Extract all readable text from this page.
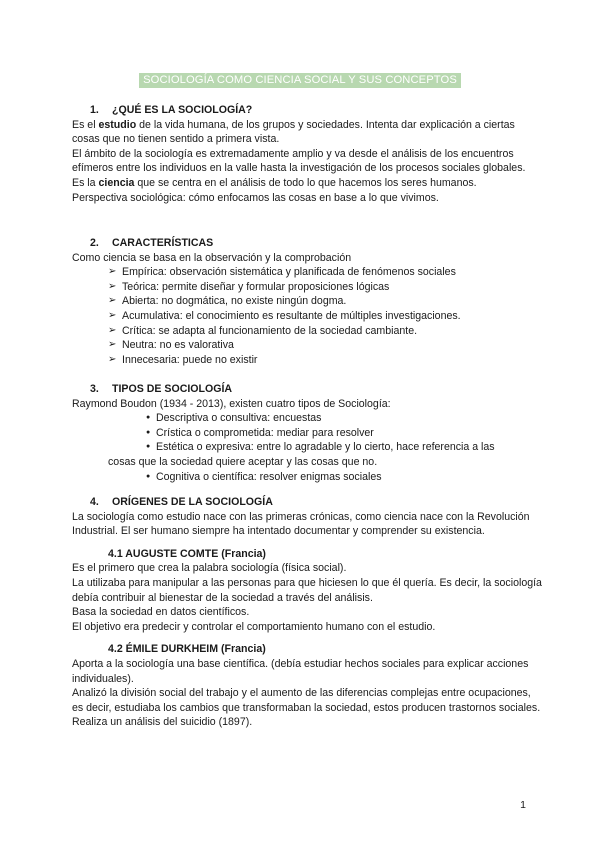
SOCIOLOGÍA COMO CIENCIA SOCIAL Y SUS CONCEPTOS

1. ¿QUÉ ES LA SOCIOLOGÍA?

Es el estudio de la vida humana, de los grupos y sociedades. Intenta dar explicación a ciertas cosas que no tienen sentido a primera vista.

El ámbito de la sociología es extremadamente amplio y va desde el análisis de los encuentros efímeros entre los individuos en la valle hasta la investigación de los procesos sociales globales.

Es la ciencia que se centra en el análisis de todo lo que hacemos los seres humanos.

Perspectiva sociológica: cómo enfocamos las cosas en base a lo que vivimos.

2. CARACTERÍSTICAS

Como ciencia se basa en la observación y la comprobación

➢ Empírica: observación sistemática y planificada de fenómenos sociales
➢ Teórica: permite diseñar y formular proposiciones lógicas
➢ Abierta: no dogmática, no existe ningún dogma.
➢ Acumulativa: el conocimiento es resultante de múltiples investigaciones.
➢ Crítica: se adapta al funcionamiento de la sociedad cambiante.
➢ Neutra: no es valorativa
➢ Innecesaria: puede no existir

3. TIPOS DE SOCIOLOGÍA

Raymond Boudon (1934 - 2013), existen cuatro tipos de Sociología:

● Descriptiva o consultiva: encuestas
● Crística o comprometida: mediar para resolver
● Estética o expresiva: entre lo agradable y lo cierto, hace referencia a las

cosas que la sociedad quiere aceptar y las cosas que no.

● Cognitiva o científica: resolver enigmas sociales

4. ORÍGENES DE LA SOCIOLOGÍA

La sociología como estudio nace con las primeras crónicas, como ciencia nace con la Revolución Industrial. El ser humano siempre ha intentado documentar y comprender su existencia.

4.1 AUGUSTE COMTE (Francia)

Es el primero que crea la palabra sociología (física social).

La utilizaba para manipular a las personas para que hiciesen lo que él quería. Es decir, la sociología debía contribuir al bienestar de la sociedad a través del análisis.

Basa la sociedad en datos científicos.

El objetivo era predecir y controlar el comportamiento humano con el estudio.

4.2 ÉMILE DURKHEIM (Francia)

Aporta a la sociología una base científica. (debía estudiar hechos sociales para explicar acciones individuales).

Analizó la división social del trabajo y el aumento de las diferencias complejas entre ocupaciones, es decir, estudiaba los cambios que transformaban la sociedad, estos producen trastornos sociales.

Realiza un análisis del suicidio (1897).

1
